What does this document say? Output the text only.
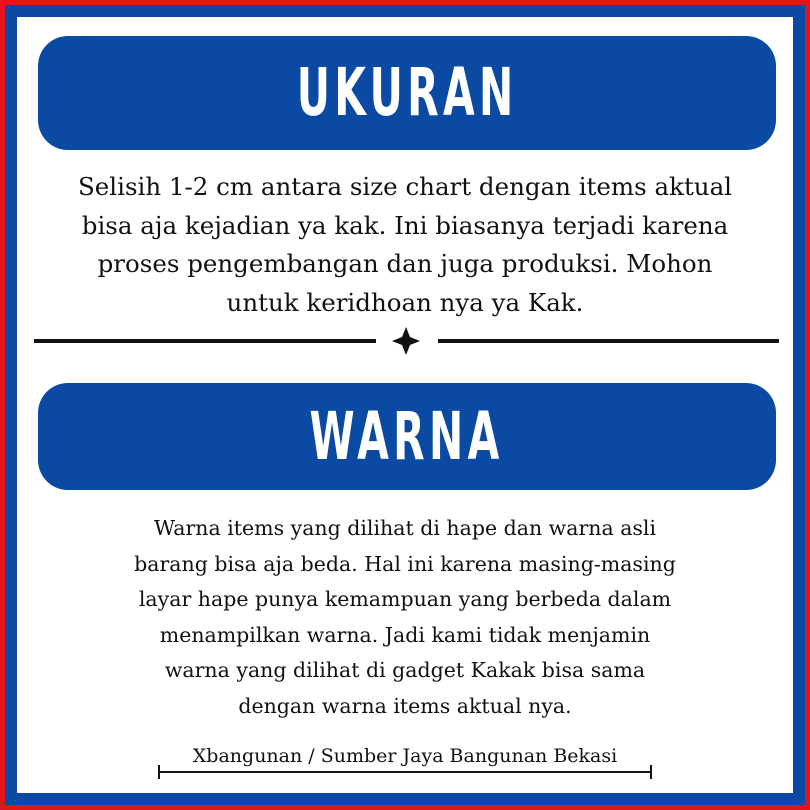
UKURAN

Selisih 1-2 cm antara size chart dengan items aktual
bisa aja kejadian ya kak. Ini biasanya terjadi karena
proses pengembangan dan juga produksi. Mohon
untuk keridhoan nya ya Kak.

WARNA

Warna items yang dilihat di hape dan warna asli
barang bisa aja beda. Hal ini karena masing-masing
layar hape punya kemampuan yang berbeda dalam
menampilkan warna. Jadi kami tidak menjamin
warna yang dilihat di gadget Kakak bisa sama
dengan warna items aktual nya.

Xbangunan / Sumber Jaya Bangunan Bekasi
